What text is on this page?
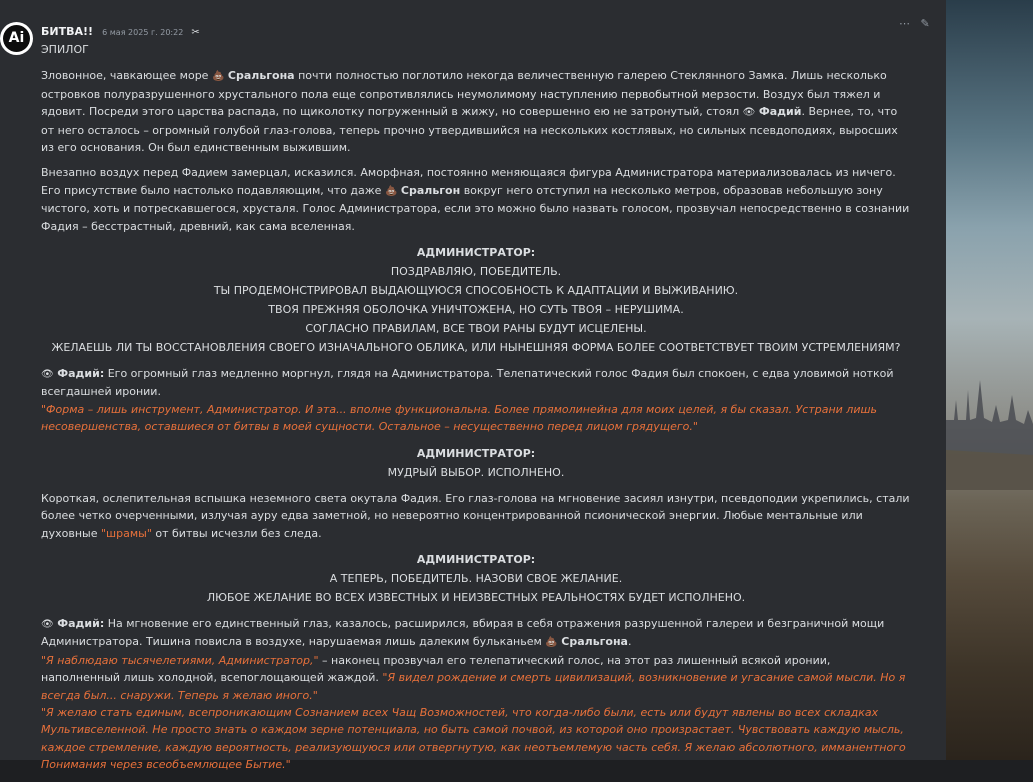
Ai	БИТВА!! 6 мая 2025 г. 20:22 ✂
⋯ ✎

ЭПИЛОГ

Зловонное, чавкающее море 💩 Сральгона почти полностью поглотило некогда величественную галерею Стеклянного Замка. Лишь несколько островков полуразрушенного хрустального пола еще сопротивлялись неумолимому наступлению первобытной мерзости. Воздух был тяжел и ядовит. Посреди этого царства распада, по щиколотку погруженный в жижу, но совершенно ею не затронутый, стоял 👁 Фадий. Вернее, то, что от него осталось – огромный голубой глаз-голова, теперь прочно утвердившийся на нескольких костлявых, но сильных псевдоподиях, выросших из его основания. Он был единственным выжившим.

Внезапно воздух перед Фадием замерцал, исказился. Аморфная, постоянно меняющаяся фигура Администратора материализовалась из ничего. Его присутствие было настолько подавляющим, что даже 💩 Сральгон вокруг него отступил на несколько метров, образовав небольшую зону чистого, хоть и потрескавшегося, хрусталя. Голос Администратора, если это можно было назвать голосом, прозвучал непосредственно в сознании Фадия – бесстрастный, древний, как сама вселенная.

АДМИНИСТРАТОР:
ПОЗДРАВЛЯЮ, ПОБЕДИТЕЛЬ.
ТЫ ПРОДЕМОНСТРИРОВАЛ ВЫДАЮЩУЮСЯ СПОСОБНОСТЬ К АДАПТАЦИИ И ВЫЖИВАНИЮ.
ТВОЯ ПРЕЖНЯЯ ОБОЛОЧКА УНИЧТОЖЕНА, НО СУТЬ ТВОЯ – НЕРУШИМА.
СОГЛАСНО ПРАВИЛАМ, ВСЕ ТВОИ РАНЫ БУДУТ ИСЦЕЛЕНЫ.
ЖЕЛАЕШЬ ЛИ ТЫ ВОССТАНОВЛЕНИЯ СВОЕГО ИЗНАЧАЛЬНОГО ОБЛИКА, ИЛИ НЫНЕШНЯЯ ФОРМА БОЛЕЕ СООТВЕТСТВУЕТ ТВОИМ УСТРЕМЛЕНИЯМ?

👁 Фадий: Его огромный глаз медленно моргнул, глядя на Администратора. Телепатический голос Фадия был спокоен, с едва уловимой ноткой всегдашней иронии.
"Форма – лишь инструмент, Администратор. И эта... вполне функциональна. Более прямолинейна для моих целей, я бы сказал. Устрани лишь несовершенства, оставшиеся от битвы в моей сущности. Остальное – несущественно перед лицом грядущего."

АДМИНИСТРАТОР:
МУДРЫЙ ВЫБОР. ИСПОЛНЕНО.

Короткая, ослепительная вспышка неземного света окутала Фадия. Его глаз-голова на мгновение засиял изнутри, псевдоподии укрепились, стали более четко очерченными, излучая ауру едва заметной, но невероятно концентрированной псионической энергии. Любые ментальные или духовные "шрамы" от битвы исчезли без следа.

АДМИНИСТРАТОР:
А ТЕПЕРЬ, ПОБЕДИТЕЛЬ. НАЗОВИ СВОЕ ЖЕЛАНИЕ.
ЛЮБОЕ ЖЕЛАНИЕ ВО ВСЕХ ИЗВЕСТНЫХ И НЕИЗВЕСТНЫХ РЕАЛЬНОСТЯХ БУДЕТ ИСПОЛНЕНО.

👁 Фадий: На мгновение его единственный глаз, казалось, расширился, вбирая в себя отражения разрушенной галереи и безграничной мощи Администратора. Тишина повисла в воздухе, нарушаемая лишь далеким бульканьем 💩 Сральгона.
"Я наблюдаю тысячелетиями, Администратор," – наконец прозвучал его телепатический голос, на этот раз лишенный всякой иронии, наполненный лишь холодной, всепоглощающей жаждой. "Я видел рождение и смерть цивилизаций, возникновение и угасание самой мысли. Но я всегда был... снаружи. Теперь я желаю иного."
"Я желаю стать единым, всепроникающим Сознанием всех Чащ Возможностей, что когда-либо были, есть или будут явлены во всех складках Мультивселенной. Не просто знать о каждом зерне потенциала, но быть самой почвой, из которой оно произрастает. Чувствовать каждую мысль, каждое стремление, каждую вероятность, реализующуюся или отвергнутую, как неотъемлемую часть себя. Я желаю абсолютного, имманентного Понимания через всеобъемлющее Бытие."
